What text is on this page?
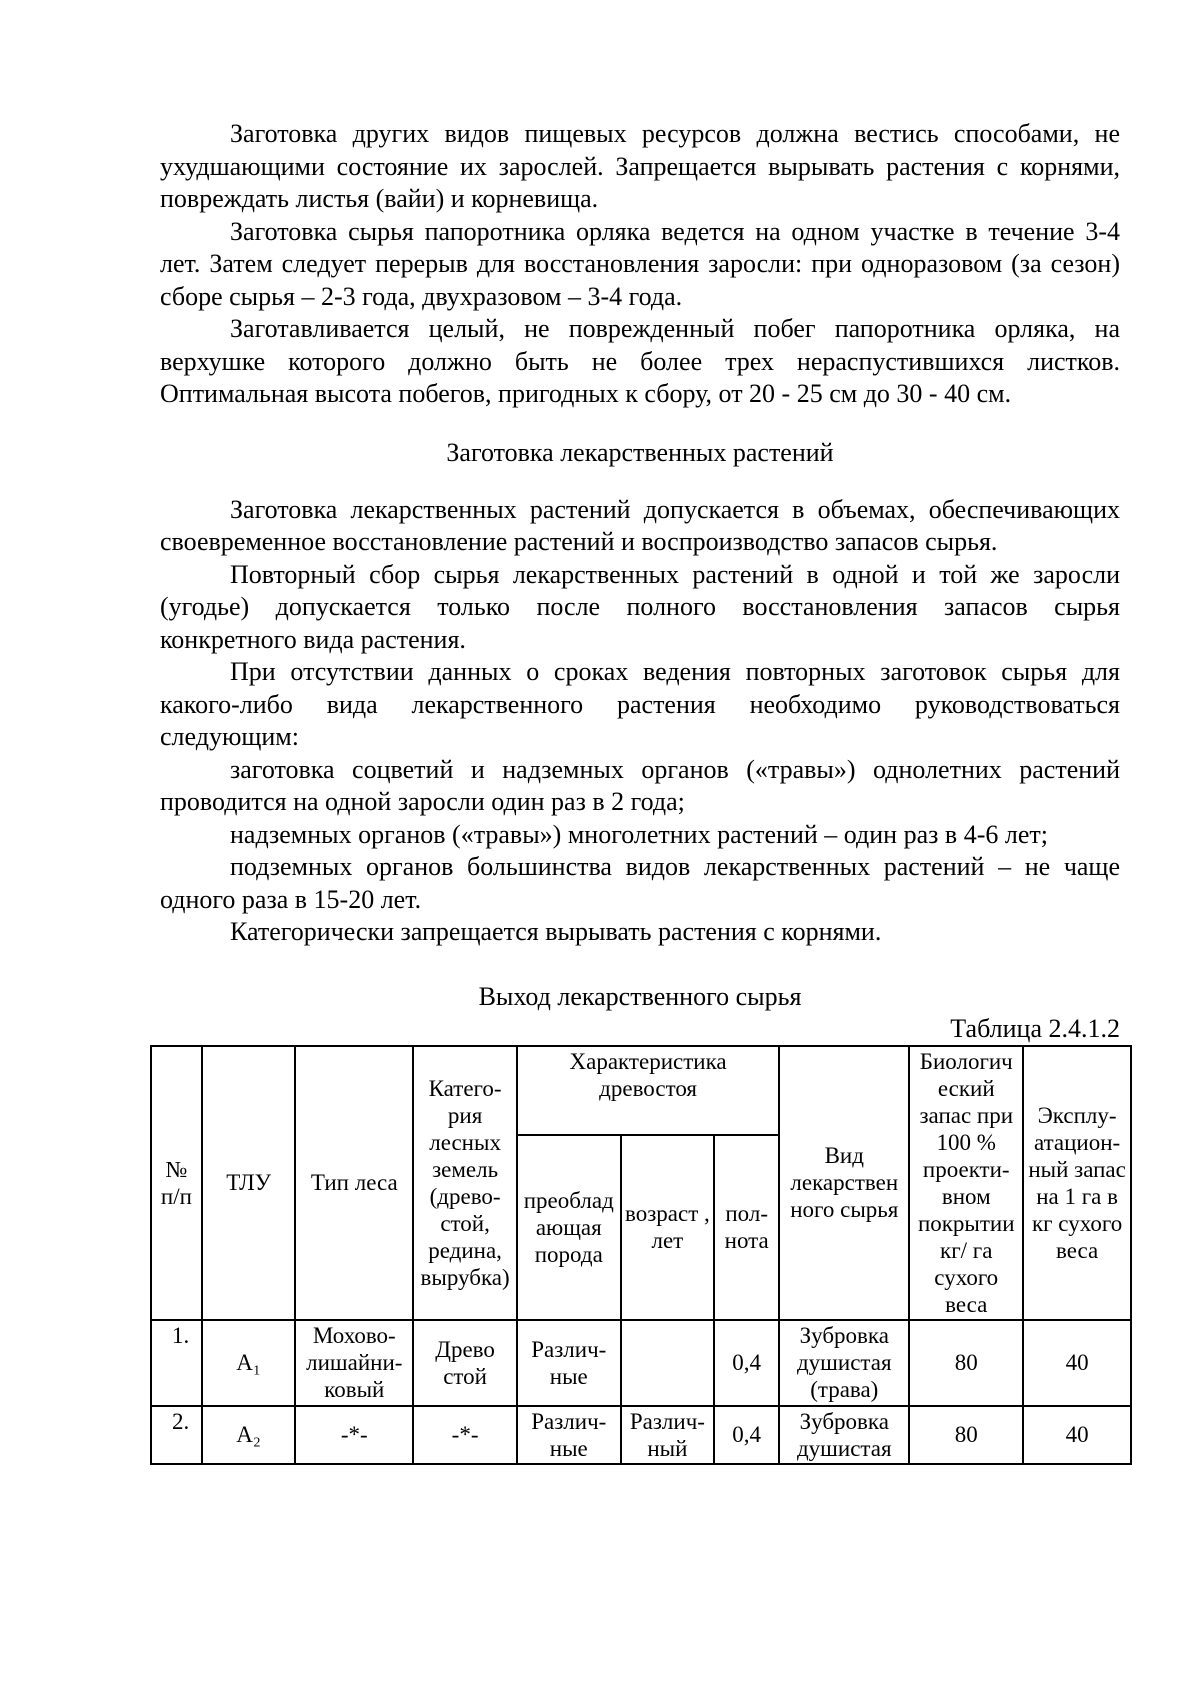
Заготовка других видов пищевых ресурсов должна вестись способами, не ухудшающими состояние их зарослей. Запрещается вырывать растения с корнями, повреждать листья (вайи) и корневища.

Заготовка сырья папоротника орляка ведется на одном участке в течение 3-4 лет. Затем следует перерыв для восстановления заросли: при одноразовом (за сезон) сборе сырья – 2-3 года, двухразовом – 3-4 года.

Заготавливается целый, не поврежденный побег папоротника орляка, на верхушке которого должно быть не более трех нераспустившихся листков. Оптимальная высота побегов, пригодных к сбору, от 20 - 25 см до 30 - 40 см.

Заготовка лекарственных растений

Заготовка лекарственных растений допускается в объемах, обеспечивающих своевременное восстановление растений и воспроизводство запасов сырья.

Повторный сбор сырья лекарственных растений в одной и той же заросли (угодье) допускается только после полного восстановления запасов сырья конкретного вида растения.

При отсутствии данных о сроках ведения повторных заготовок сырья для какого-либо вида лекарственного растения необходимо руководствоваться следующим:

заготовка соцветий и надземных органов («травы») однолетних растений проводится на одной заросли один раз в 2 года;

надземных органов («травы») многолетних растений – один раз в 4-6 лет;

подземных органов большинства видов лекарственных растений – не чаще одного раза в 15-20 лет.

Категорически запрещается вырывать растения с корнями.

Выход лекарственного сырья

Таблица 2.4.1.2

№ п/п	ТЛУ	Тип леса	Катего-рия лесных земель (древо-стой, редина, вырубка)	Характеристика древостоя			Вид лекарствен ного сырья	Биологич еский запас при 100 % проекти-вном покрытии кг/ га сухого веса	Эксплу-атацион-ный запас на 1 га в кг сухого веса
				преоблад ающая порода	возраст , лет	пол-нота			
1.	А₁	Мохово-лишайни-ковый	Древо стой	Различ-ные		0,4	Зубровка душистая (трава)	80	40
2.	А₂	-*-	-*-	Различ-ные	Различ-ный	0,4	Зубровка душистая	80	40
